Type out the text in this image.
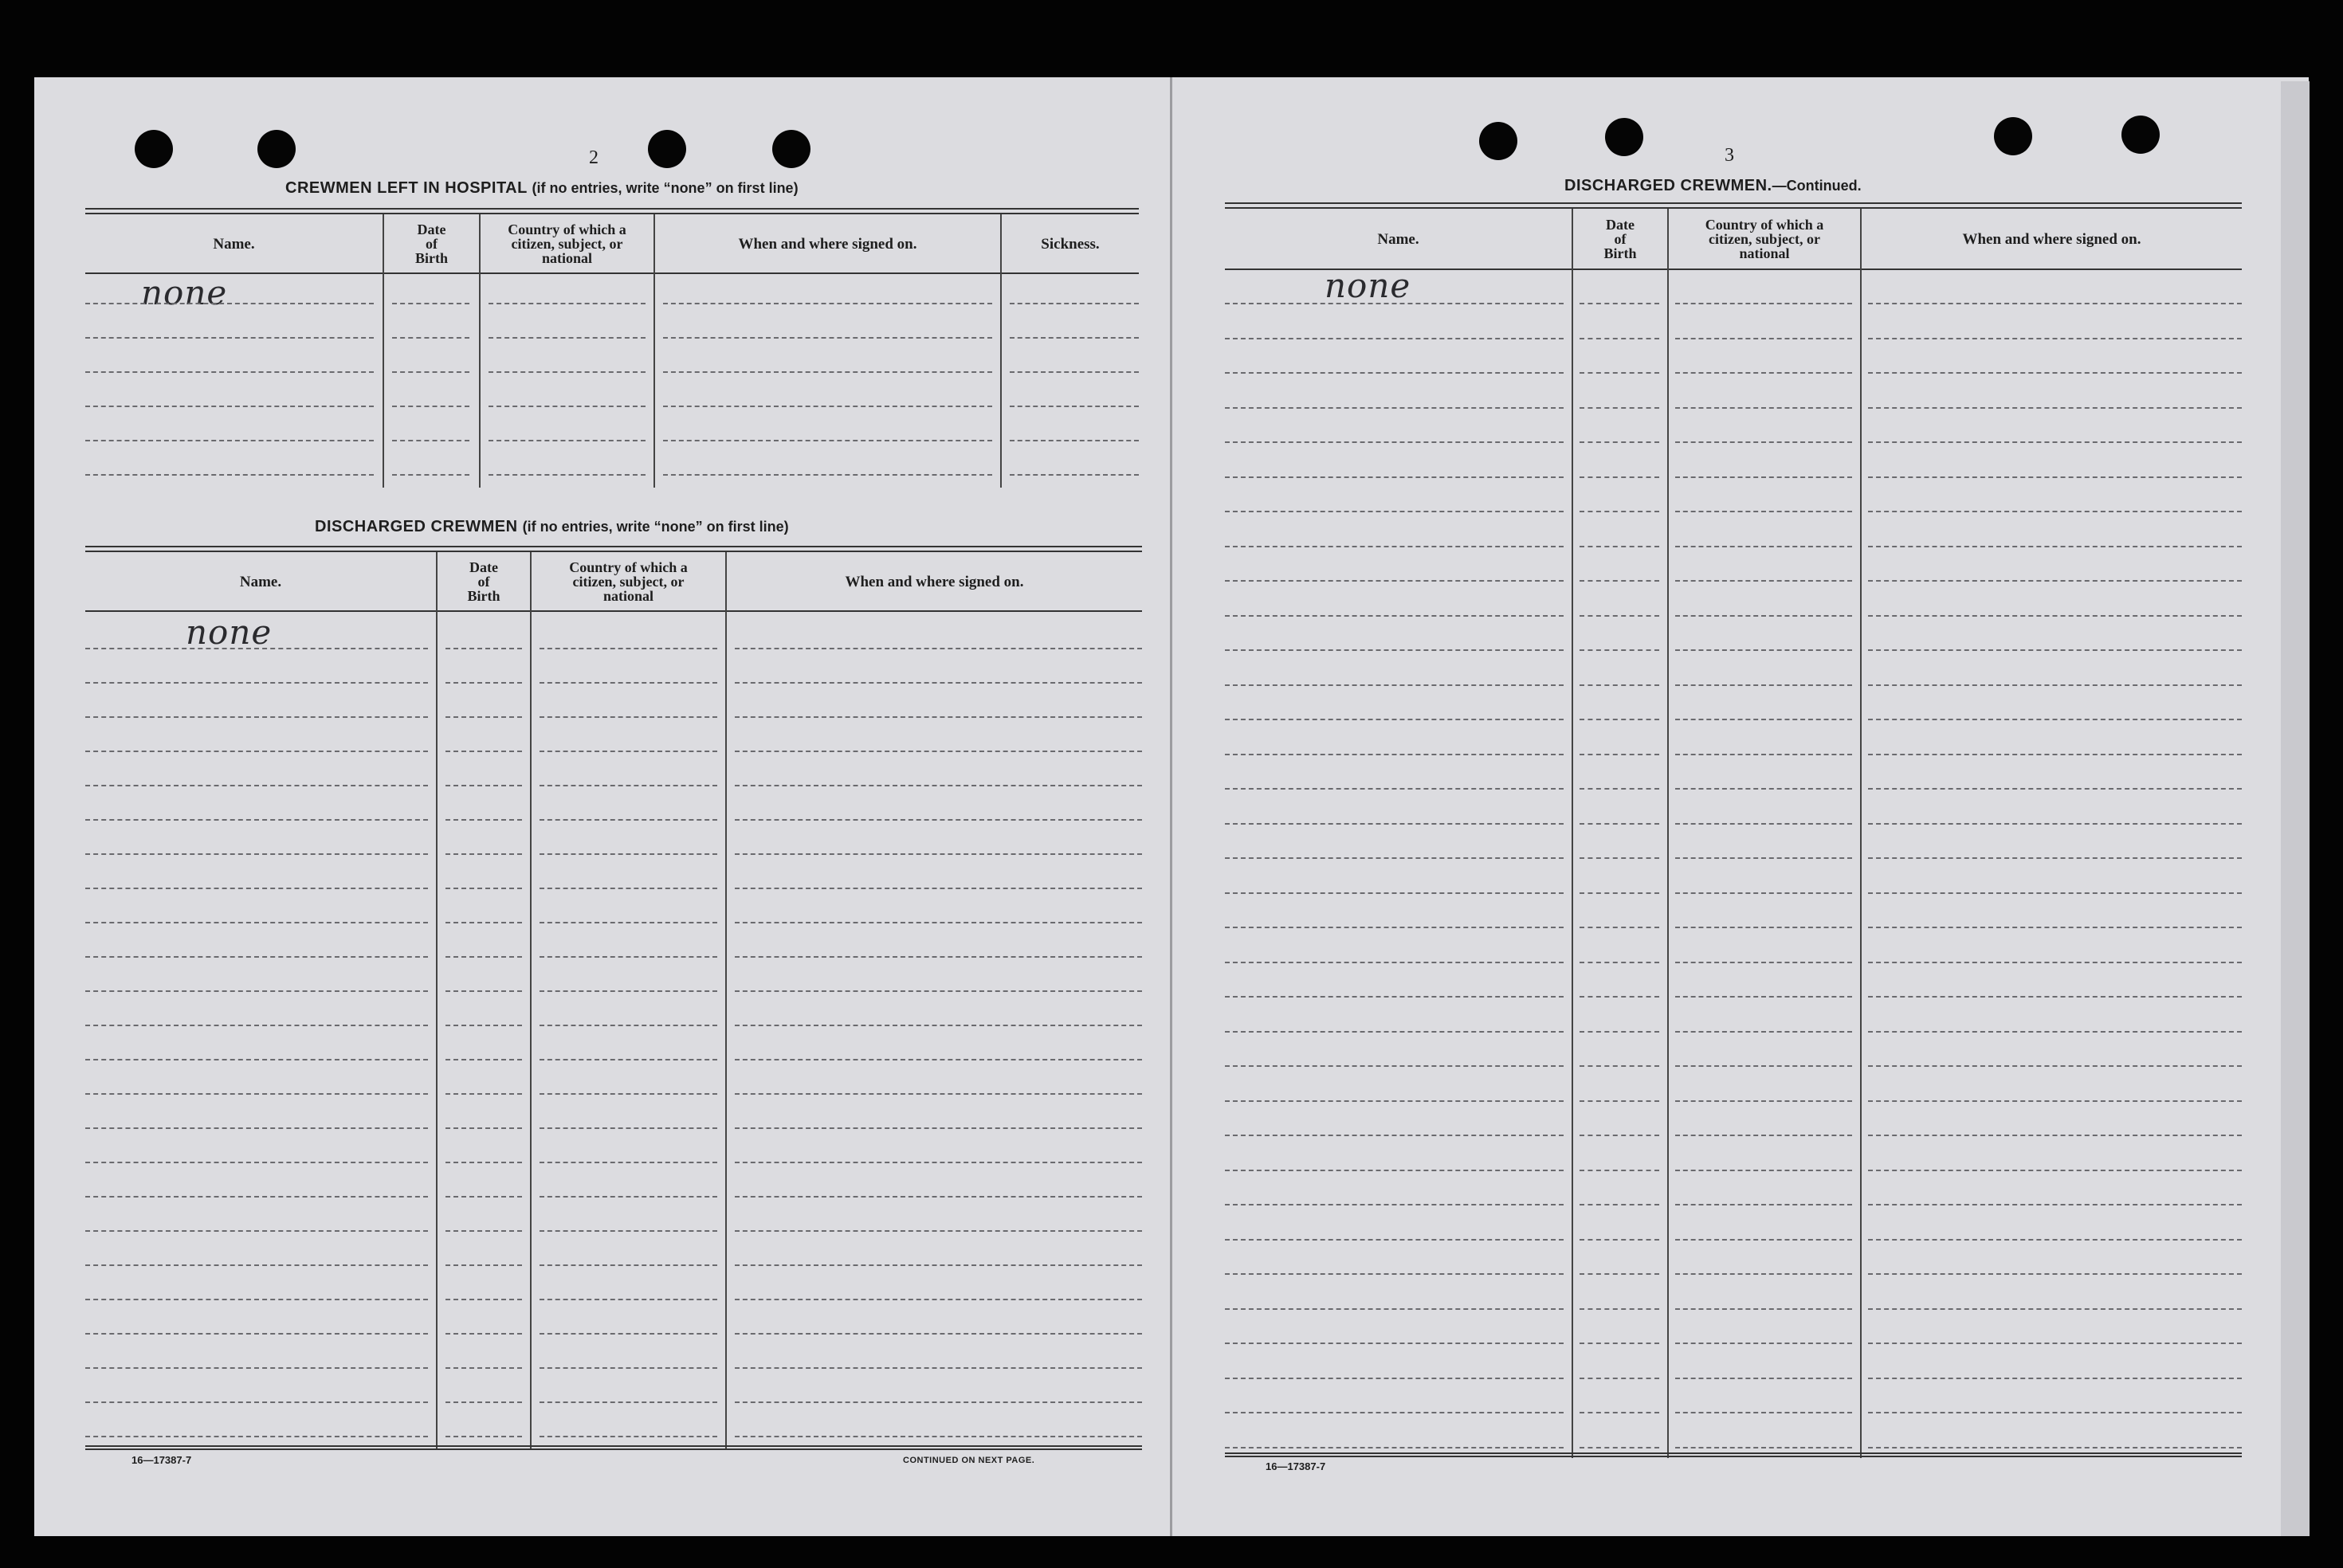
2
CREWMEN LEFT IN HOSPITAL (if no entries, write “none” on first line)
Name.
Date
of
Birth
Country of which a
citizen, subject, or
national
When and where signed on.	Sickness.
none
DISCHARGED CREWMEN (if no entries, write “none” on first line)
Name.
Date
of
Birth
Country of which a
citizen, subject, or
national
When and where signed on.
none
16—17387-7	CONTINUED ON NEXT PAGE.
3
DISCHARGED CREWMEN.—Continued.
Name.
Date
of
Birth
Country of which a
citizen, subject, or
national
When and where signed on.
none
16—17387-7
